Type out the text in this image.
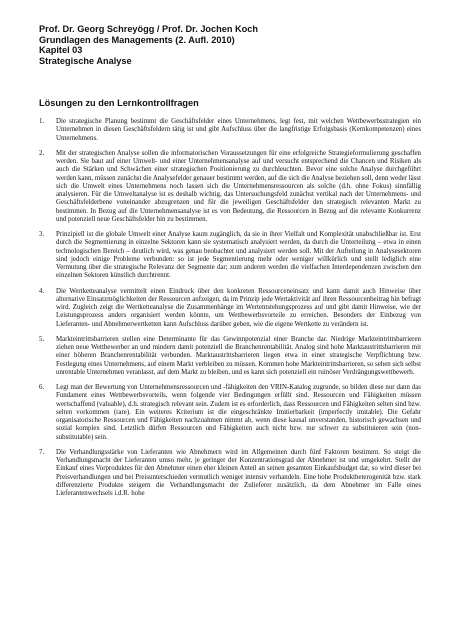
Prof. Dr. Georg Schreyögg / Prof. Dr. Jochen Koch
Grundlagen des Managements (2. Aufl. 2010)
Kapitel 03
Strategische Analyse
Lösungen zu den Lernkontrollfragen
1. Die strategische Planung bestimmt die Geschäftsfelder eines Unternehmens, legt fest, mit welchen Wettbewerbsstrategien ein Unternehmen in diesen Geschäftsfeldern tätig ist und gibt Aufschluss über die langfristige Erfolgsbasis (Kernkompetenzen) eines Unternehmens.
2. Mit der strategischen Analyse sollen die informatorischen Voraussetzungen für eine erfolgreiche Strategieformulierung geschaffen werden. Sie baut auf einer Umwelt- und einer Unternehmensanalyse auf und versucht entsprechend die Chancen und Risiken als auch die Stärken und Schwächen einer strategischen Positionierung zu durchleuchten. Bevor eine solche Analyse durchgeführt werden kann, müssen zunächst die Analysefelder genauer bestimmt werden, auf die sich die Analyse beziehen soll, denn weder lässt sich die Umwelt eines Unternehmens noch lassen sich die Unternehmensressourcen als solche (d.h. ohne Fokus) sinnfällig analysieren. Für die Umweltanalyse ist es deshalb wichtig, das Untersuchungsfeld zunächst vertikal nach der Unternehmens- und Geschäftsfelderbene voneinander abzugrenzen und für die jeweiligen Geschäftsfelder den strategisch relevanten Markt zu bestimmen. In Bezug auf die Unternehmensanalyse ist es von Bedeutung, die Ressourcen in Bezug auf die relevante Konkurrenz und potenziell neue Geschäftsfelder hin zu bestimmen.
3. Prinzipiell ist die globale Umwelt einer Analyse kaum zugänglich, da sie in ihrer Vielfalt und Komplexität unabschließbar ist. Erst durch die Segmentierung in einzelne Sektoren kann sie systematisch analysiert werden, da durch die Unterteilung – etwa in einen technologischen Bereich – deutlich wird, was genau beobachtet und analysiert werden soll. Mit der Aufteilung in Analysesektoren sind jedoch einige Probleme verbunden: so ist jede Segmentierung mehr oder weniger willkürlich und stellt lediglich eine Vermutung über die strategische Relevanz der Segmente dar; zum anderen werden die vielfachen Interdependenzen zwischen den einzelnen Sektoren künstlich durchtrennt.
4. Die Wertketteanalyse vermittelt einen Eindruck über den konkreten Ressourceneinsatz und kann damit auch Hinweise über alternative Einsatzmöglichkeiten der Ressourcen aufzeigen, da im Prinzip jede Wertaktivität auf ihren Ressourcenbeitrag hin befragt wird. Zugleich zeigt die Wertketteanalyse die Zusammenhänge im Wertentstehungsprozess auf und gibt damit Hinweise, wie der Leistungsprozess anders organisiert werden könnte, um Wettbewerbsvorteile zu erreichen. Besonders der Einbezug von Lieferanten- und Abnehmerwertketten kann Aufschluss darüber geben, wie die eigene Wertkette zu verändern ist.
5. Markteintrittsbarrieren stellen eine Determinante für das Gewinnpotenzial einer Branche dar. Niedrige Markteintrittsbarrieren ziehen neue Wettbewerber an und mindern damit potenziell die Branchenrentabilität. Analog sind hohe Marktaustrittsbarrieren mit einer höheren Branchenrentabilität verbunden. Marktaustrittsbarrieren liegen etwa in einer strategische Verpflichtung bzw. Festlegung eines Unternehmens, auf einem Markt verbleiben zu müssen. Kommen hohe Markteintrittsbarrieren, so sehen sich selbst unrentable Unternehmen veranlasst, auf dem Markt zu bleiben, und es kann sich potenziell ein ruinöser Verdrängungswettbewerb.
6. Legt man der Bewertung von Unternehmensressourcen und -fähigkeiten den VRIN-Katalog zugrunde, so bilden diese nur dann das Fundament eines Wettbewerbsvorteils, wenn folgende vier Bedingungen erfüllt sind. Ressourcen und Fähigkeiten müssen wertschaffend (valuable), d.h. strategisch relevant sein. Zudem ist es erforderlich, dass Ressourcen und Fähigkeiten selten sind bzw. selten vorkommen (rare). Ein weiteres Kriterium ist die eingeschränkte Imitierbarkeit (imperfectly imitable). Die Gefahr organisatorische Ressourcen und Fähigkeiten nachzuahmen nimmt ab, wenn diese kausal unverstanden, historisch gewachsen und sozial komplex sind. Letztlich dürfen Ressourcen und Fähigkeiten auch nicht bzw. nur schwer zu substituieren sein (non-substitutable) sein.
7. Die Verhandlungsstärke von Lieferanten wie Abnehmern wird im Allgemeinen durch fünf Faktoren bestimmt. So steigt die Verhandlungsmacht der Lieferanten umso mehr, je geringer der Konzentrationsgrad der Abnehmer ist und umgekehrt. Stellt der Einkauf eines Vorproduktes für den Abnehmer einen eher kleinen Anteil an seinen gesamten Einkaufsbudget dar, so wird dieser bei Preisverhandlungen und bei Preisunterschieden vermutlich weniger intensiv verhandeln. Eine hohe Produktheterogenität bzw. stark differenzierte Produkte steigern die Verhandlungsmacht der Zulieferer zusätzlich, da dem Abnehmer im Falle eines Lieferantenwechsels i.d.R. hohe
